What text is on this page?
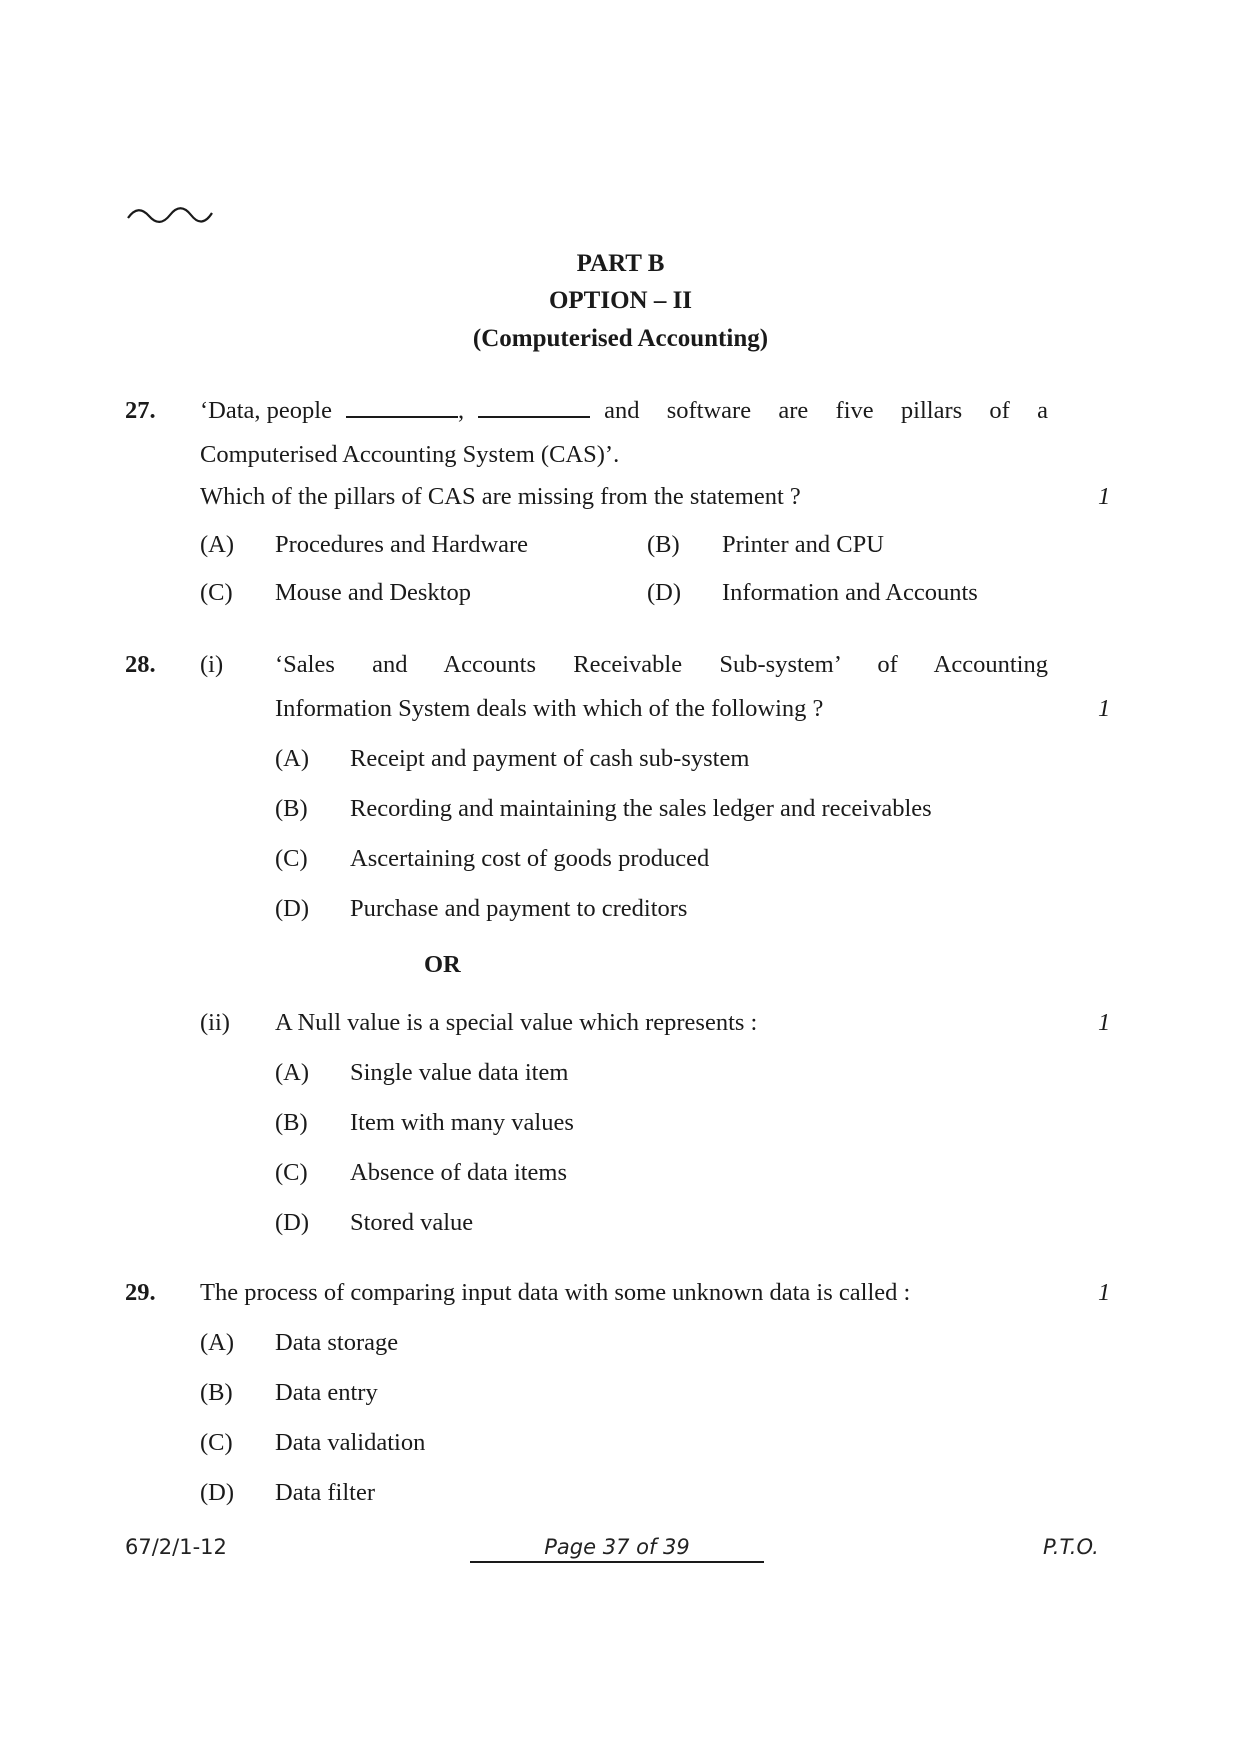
PART B
OPTION – II
(Computerised Accounting)
27. ‘Data, people	,	and software are five pillars of a
Computerised Accounting System (CAS)’.
Which of the pillars of CAS are missing from the statement ?	1
(A) Procedures and Hardware	(B) Printer and CPU
(C) Mouse and Desktop	(D) Information and Accounts
28. (i) ‘Sales and Accounts Receivable Sub-system’ of Accounting
Information System deals with which of the following ?	1
(A) Receipt and payment of cash sub-system
(B) Recording and maintaining the sales ledger and receivables
(C) Ascertaining cost of goods produced
(D) Purchase and payment to creditors
OR
(ii) A Null value is a special value which represents :	1
(A) Single value data item
(B) Item with many values
(C) Absence of data items
(D) Stored value
29. The process of comparing input data with some unknown data is called :	1
(A) Data storage
(B) Data entry
(C) Data validation
(D) Data filter
67/2/1-12	Page 37 of 39	P.T.O.
